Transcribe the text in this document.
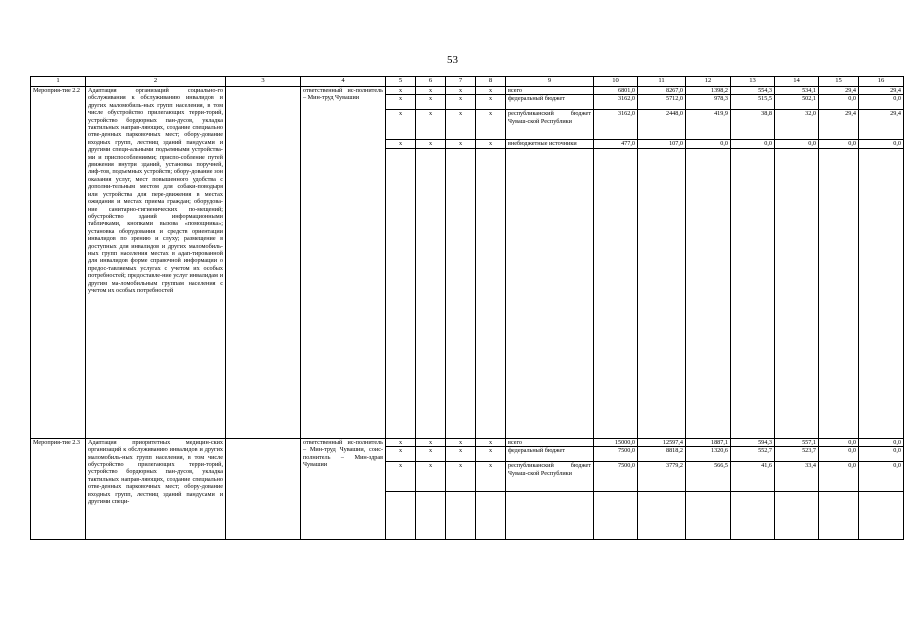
53
1	2	3	4	5	6	7	8	9	10	11	12	13	14	15	16
Мероприя-тие 2.2	Адаптация организаций социально-го обслуживания к обслуживанию инвалидов и других маломобиль-ных групп населения, в том числе обустройство прилегающих терри-торий, устройство бордюрных пан-дусов, укладка тактильных направ-ляющих, создание специально отве-денных парковочных мест; обору-дование входных групп, лестниц зданий пандусами и другими специ-альными подъемными устройства-ми и приспособлениями; приспо-собление путей движения внутри зданий, установка поручней, лиф-тов, подъемных устройств; обору-дование зон оказания услуг, мест повышенного удобства с дополни-тельным местом для собаки-поводыря или устройства для пере-движения в местах ожидания и местах приема граждан; оборудова-ние санитарно-гигиенических по-мещений; обустройство зданий информационными табличками, кнопками вызова «помощника»; установка оборудования и средств ориентации инвалидов по зрению и слуху; размещение в доступных для инвалидов и других маломобиль-ных групп населения местах в адап-тированной для инвалидов форме справочной информации о предос-тавляемых услугах с учетом их особых потребностей; предоставле-ние услуг инвалидам и другим ма-ломобильным группам населения с учетом их особых потребностей		ответственный ис-полнитель – Мин-труд Чувашии	x	x	x	x	всего	6801,0	8267,0	1398,2	554,3	534,1	29,4	29,4
				x	x	x	x	федеральный бюджет	3162,0	5712,0	978,3	515,5	502,1	0,0	0,0
				x	x	x	x	республиканский бюджет Чуваш-ской Республики	3162,0	2448,0	419,9	38,8	32,0	29,4	29,4
				x	x	x	x	внебюджетные источники	477,0	107,0	0,0	0,0	0,0	0,0	0,0

Мероприя-тие 2.3	Адаптация приоритетных медицин-ских организаций к обслуживанию инвалидов и других маломобиль-ных групп населения, в том числе обустройство прилегающих терри-торий, устройство бордюрных пан-дусов, укладка тактильных направ-ляющих, создание специально отве-денных парковочных мест; обору-дование входных групп, лестниц зданий пандусами и другими специ-		ответственный ис-полнитель – Мин-труд Чувашии, соис-полнитель – Мин-здрав Чувашии	x	x	x	x	всего	15000,0	12597,4	1887,1	594,3	557,1	0,0	0,0
				x	x	x	x	федеральный бюджет	7500,0	8818,2	1320,6	552,7	523,7	0,0	0,0
				x	x	x	x	республиканский бюджет Чуваш-ской Республики	7500,0	3779,2	566,5	41,6	33,4	0,0	0,0
